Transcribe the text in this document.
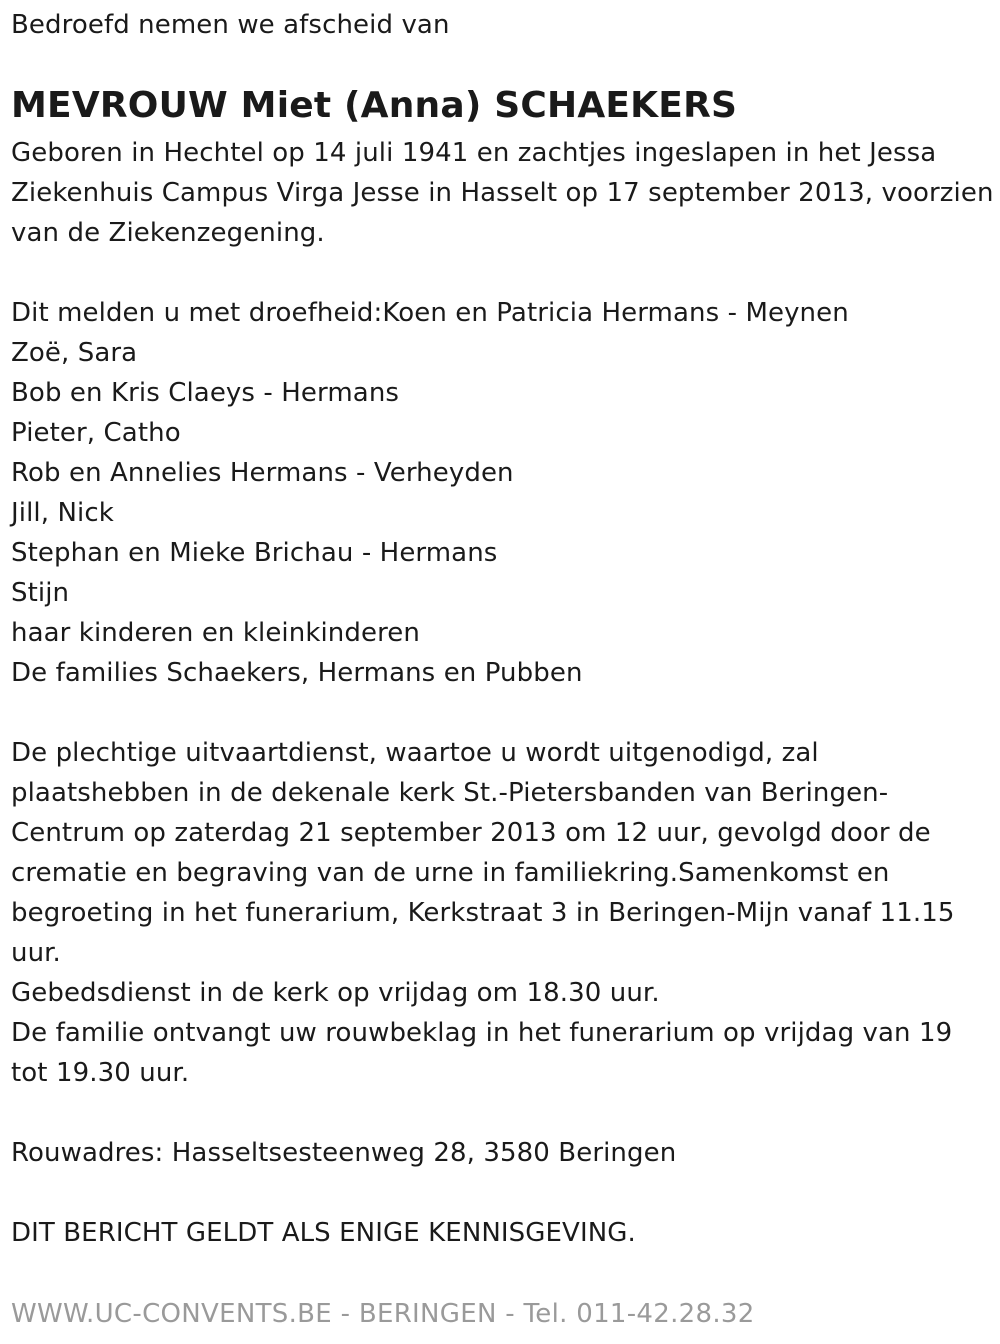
Bedroefd nemen we afscheid van
MEVROUW Miet (Anna) SCHAEKERS
Geboren in Hechtel op 14 juli 1941 en zachtjes ingeslapen in het Jessa
Ziekenhuis Campus Virga Jesse in Hasselt op 17 september 2013, voorzien
van de Ziekenzegening.
Dit melden u met droefheid:Koen en Patricia Hermans - Meynen
Zoë, Sara
Bob en Kris Claeys - Hermans
Pieter, Catho
Rob en Annelies Hermans - Verheyden
Jill, Nick
Stephan en Mieke Brichau - Hermans
Stijn
haar kinderen en kleinkinderen
De families Schaekers, Hermans en Pubben
De plechtige uitvaartdienst, waartoe u wordt uitgenodigd, zal
plaatshebben in de dekenale kerk St.-Pietersbanden van Beringen-
Centrum op zaterdag 21 september 2013 om 12 uur, gevolgd door de
crematie en begraving van de urne in familiekring.Samenkomst en
begroeting in het funerarium, Kerkstraat 3 in Beringen-Mijn vanaf 11.15
uur.
Gebedsdienst in de kerk op vrijdag om 18.30 uur.
De familie ontvangt uw rouwbeklag in het funerarium op vrijdag van 19
tot 19.30 uur.
Rouwadres: Hasseltsesteenweg 28, 3580 Beringen
DIT BERICHT GELDT ALS ENIGE KENNISGEVING.
WWW.UC-CONVENTS.BE - BERINGEN - Tel. 011-42.28.32
